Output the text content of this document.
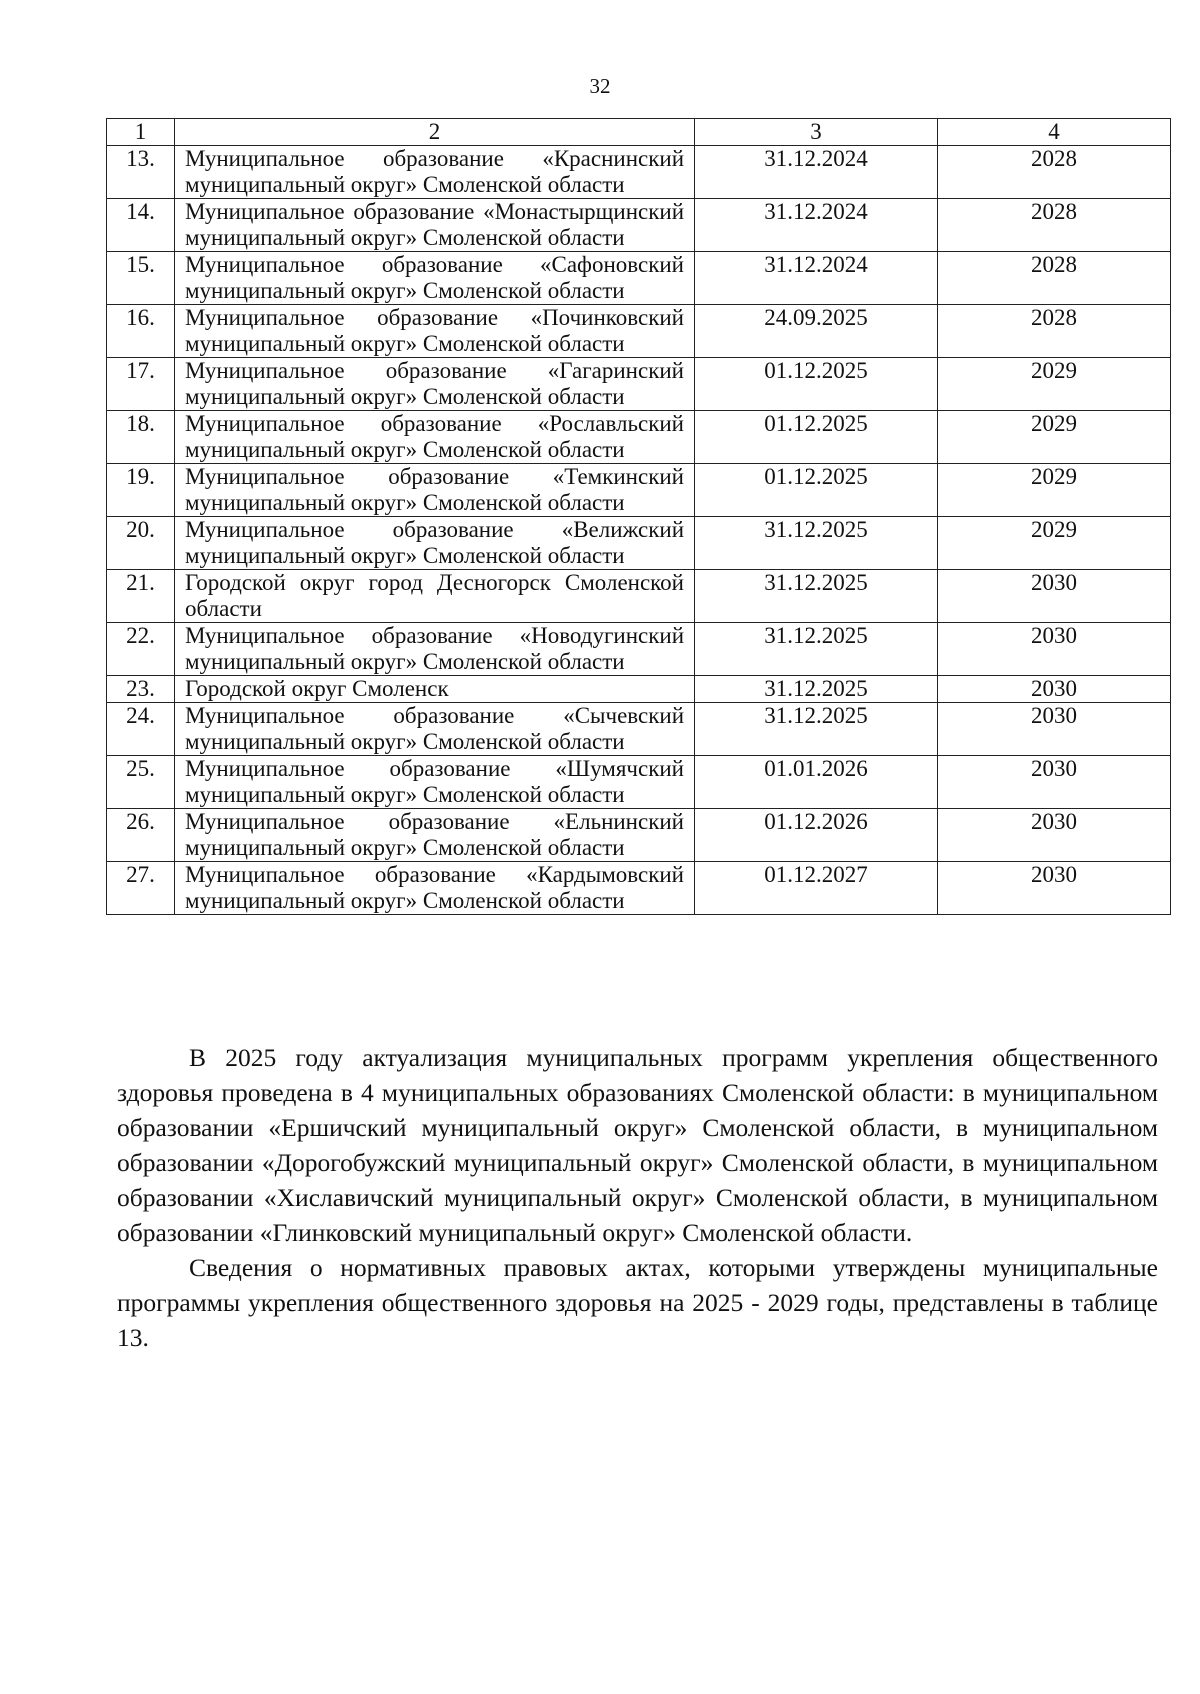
32
1	2	3	4
13.	Муниципальное образование «Краснинский муниципальный округ» Смоленской области	31.12.2024	2028
14.	Муниципальное образование «Монастырщинский муниципальный округ» Смоленской области	31.12.2024	2028
15.	Муниципальное образование «Сафоновский муниципальный округ» Смоленской области	31.12.2024	2028
16.	Муниципальное образование «Починковский муниципальный округ» Смоленской области	24.09.2025	2028
17.	Муниципальное образование «Гагаринский муниципальный округ» Смоленской области	01.12.2025	2029
18.	Муниципальное образование «Рославльский муниципальный округ» Смоленской области	01.12.2025	2029
19.	Муниципальное образование «Темкинский муниципальный округ» Смоленской области	01.12.2025	2029
20.	Муниципальное образование «Велижский муниципальный округ» Смоленской области	31.12.2025	2029
21.	Городской округ город Десногорск Смоленской области	31.12.2025	2030
22.	Муниципальное образование «Новодугинский муниципальный округ» Смоленской области	31.12.2025	2030
23.	Городской округ Смоленск	31.12.2025	2030
24.	Муниципальное образование «Сычевский муниципальный округ» Смоленской области	31.12.2025	2030
25.	Муниципальное образование «Шумячский муниципальный округ» Смоленской области	01.01.2026	2030
26.	Муниципальное образование «Ельнинский муниципальный округ» Смоленской области	01.12.2026	2030
27.	Муниципальное образование «Кардымовский муниципальный округ» Смоленской области	01.12.2027	2030

В 2025 году актуализация муниципальных программ укрепления общественного здоровья проведена в 4 муниципальных образованиях Смоленской области: в муниципальном образовании «Ершичский муниципальный округ» Смоленской области, в муниципальном образовании «Дорогобужский муниципальный округ» Смоленской области, в муниципальном образовании «Хиславичский муниципальный округ» Смоленской области, в муниципальном образовании «Глинковский муниципальный округ» Смоленской области.

Сведения о нормативных правовых актах, которыми утверждены муниципальные программы укрепления общественного здоровья на 2025 - 2029 годы, представлены в таблице 13.
